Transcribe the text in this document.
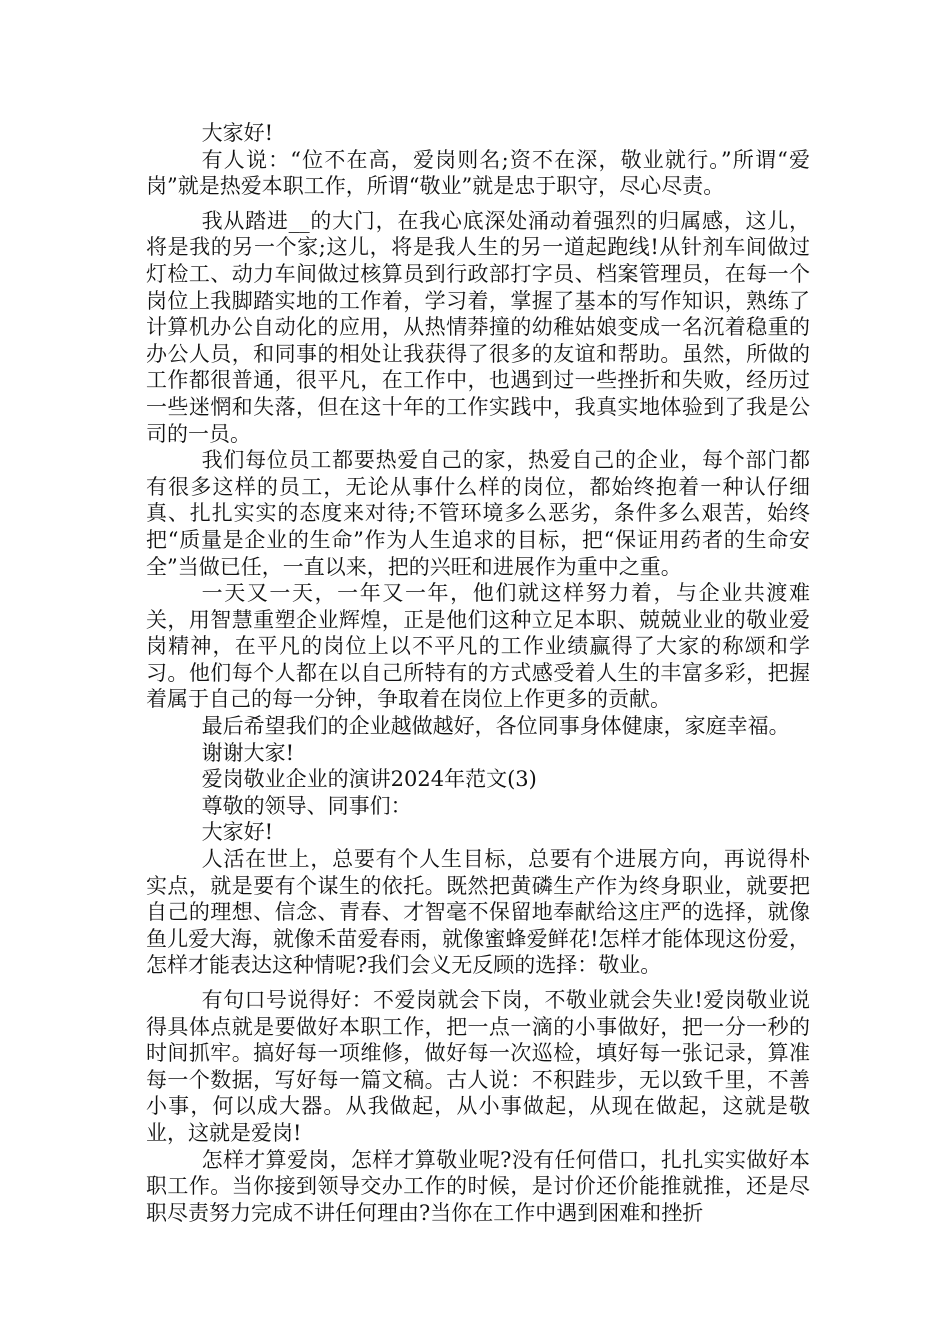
大家好!

有人说：“位不在高，爱岗则名;资不在深，敬业就行。”所谓“爱岗”就是热爱本职工作，所谓“敬业”就是忠于职守，尽心尽责。

我从踏进__的大门，在我心底深处涌动着强烈的归属感，这儿，将是我的另一个家;这儿，将是我人生的另一道起跑线!从针剂车间做过灯检工、动力车间做过核算员到行政部打字员、档案管理员，在每一个岗位上我脚踏实地的工作着，学习着，掌握了基本的写作知识，熟练了计算机办公自动化的应用，从热情莽撞的幼稚姑娘变成一名沉着稳重的办公人员，和同事的相处让我获得了很多的友谊和帮助。虽然，所做的工作都很普通，很平凡，在工作中，也遇到过一些挫折和失败，经历过一些迷惘和失落，但在这十年的工作实践中，我真实地体验到了我是公司的一员。

我们每位员工都要热爱自己的家，热爱自己的企业，每个部门都有很多这样的员工，无论从事什么样的岗位，都始终抱着一种认仔细真、扎扎实实的态度来对待;不管环境多么恶劣，条件多么艰苦，始终把“质量是企业的生命”作为人生追求的目标，把“保证用药者的生命安全”当做已任，一直以来，把的兴旺和进展作为重中之重。

一天又一天，一年又一年，他们就这样努力着，与企业共渡难关，用智慧重塑企业辉煌，正是他们这种立足本职、兢兢业业的敬业爱岗精神，在平凡的岗位上以不平凡的工作业绩赢得了大家的称颂和学习。他们每个人都在以自己所特有的方式感受着人生的丰富多彩，把握着属于自己的每一分钟，争取着在岗位上作更多的贡献。

最后希望我们的企业越做越好，各位同事身体健康，家庭幸福。

谢谢大家!

爱岗敬业企业的演讲2024年范文(3)

尊敬的领导、同事们：

大家好!

人活在世上，总要有个人生目标，总要有个进展方向，再说得朴实点，就是要有个谋生的依托。既然把黄磷生产作为终身职业，就要把自己的理想、信念、青春、才智毫不保留地奉献给这庄严的选择，就像鱼儿爱大海，就像禾苗爱春雨，就像蜜蜂爱鲜花!怎样才能体现这份爱，怎样才能表达这种情呢?我们会义无反顾的选择：敬业。

有句口号说得好：不爱岗就会下岗，不敬业就会失业!爱岗敬业说得具体点就是要做好本职工作，把一点一滴的小事做好，把一分一秒的时间抓牢。搞好每一项维修，做好每一次巡检，填好每一张记录，算准每一个数据，写好每一篇文稿。古人说：不积跬步，无以致千里，不善小事，何以成大器。从我做起，从小事做起，从现在做起，这就是敬业，这就是爱岗!

怎样才算爱岗，怎样才算敬业呢?没有任何借口，扎扎实实做好本职工作。当你接到领导交办工作的时候，是讨价还价能推就推，还是尽职尽责努力完成不讲任何理由?当你在工作中遇到困难和挫折
